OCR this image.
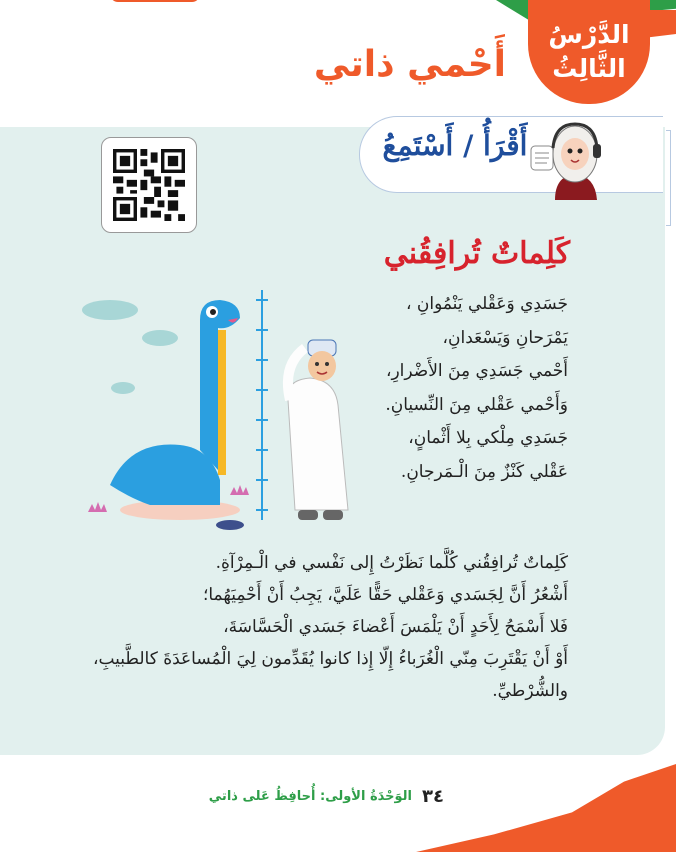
الدَّرْسُ
الثَّالِثُ
أَحْمي ذاتي
أَقْرَأُ / أَسْتَمِعُ
كَلِماتٌ تُرافِقُني
جَسَدِي وَعَقْلي يَنْمُوانِ ،
يَمْرَحانِ وَيَسْعَدانِ،
أَحْمي جَسَدِي مِنَ الأَضْرارِ،
وَأَحْمي عَقْلي مِنَ النِّسيانِ.
جَسَدِي مِلْكي بِلا أَثْمانٍ،
عَقْلي كَنْزٌ مِنَ الْـمَرجانِ.
كَلِماتٌ تُرافِقُني كُلَّما نَظَرْتُ إِلى نَفْسي في الْـمِرْآةِ.
أَشْعُرُ أَنَّ لِجَسَدي وَعَقْلي حَقًّا عَلَيَّ، يَجِبُ أَنْ أَحْمِيَهُما؛
فَلا أَسْمَحُ لِأَحَدٍ أَنْ يَلْمَسَ أَعْضاءَ جَسَدي الْحَسَّاسَةَ،
أَوْ أَنْ يَقْتَرِبَ مِنّي الْغُرَباءُ إِلّا إِذا كانوا يُقَدِّمون لِيَ الْمُساعَدَةَ كالطَّبيبِ،
والشُّرْطيِّ.
٣٤
الوَحْدَةُ الأولى: أُحافِظُ عَلى ذاتي
